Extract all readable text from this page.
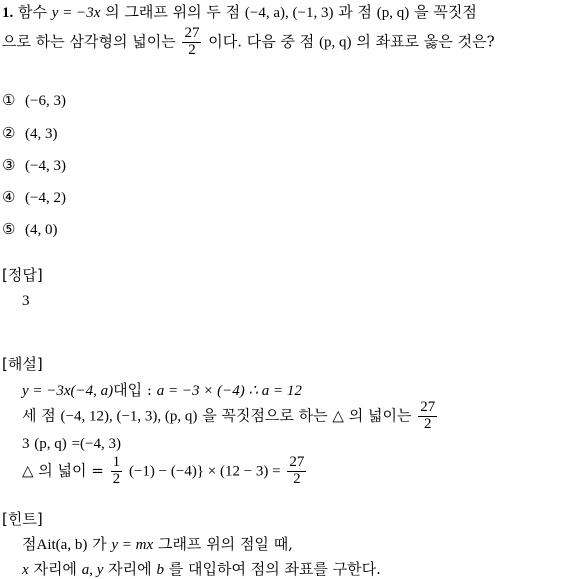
1. 함수 y = −3x 의 그래프 위의 두 점 (−4, a), (−1, 3) 과 점 (p, q) 을 꼭짓점
으로 하는 삼각형의 넓이는 $\frac{27}{2}$ 이다. 다음 중 점 (p, q) 의 좌표로 옳은 것은?
① (−6, 3)
② (4, 3)
③ (−4, 3)
④ (−4, 2)
⑤ (4, 0)
[정답]
3
[해설]
y = −3x(−4, a)대입 : a = −3 × (−4) ∴ a = 12
세 점 (−4, 12), (−1, 3), (p, q) 을 꼭짓점으로 하는 △ 의 넓이는 $\frac{27}{2}$
3 (p, q) =(−4, 3)
△ 의 넓이 = $\frac{1}{2} (-1) - (-4)\} \times (12 - 3) = \frac{27}{2}$
[힌트]
점Ait(a, b) 가 y = mx 그래프 위의 점일 때,
x 자리에 a, y 자리에 b 를 대입하여 점의 좌표를 구한다.
